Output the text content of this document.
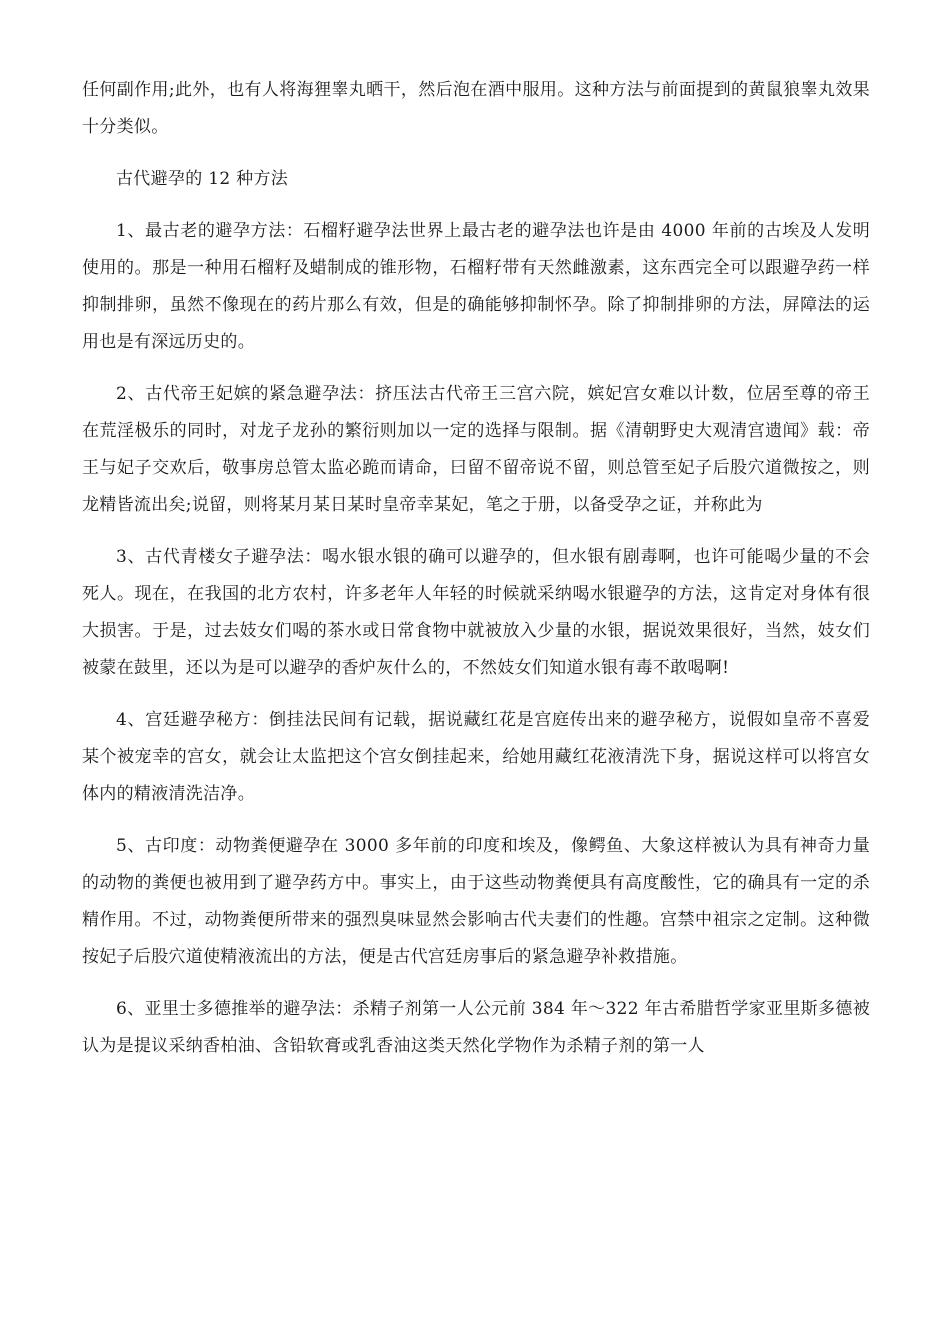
任何副作用;此外，也有人将海狸睾丸晒干，然后泡在酒中服用。这种方法与前面提到的黄鼠狼睾丸效果十分类似。

古代避孕的 12 种方法

1、最古老的避孕方法：石榴籽避孕法世界上最古老的避孕法也许是由 4000 年前的古埃及人发明使用的。那是一种用石榴籽及蜡制成的锥形物，石榴籽带有天然雌激素，这东西完全可以跟避孕药一样抑制排卵，虽然不像现在的药片那么有效，但是的确能够抑制怀孕。除了抑制排卵的方法，屏障法的运用也是有深远历史的。

2、古代帝王妃嫔的紧急避孕法：挤压法古代帝王三宫六院，嫔妃宫女难以计数，位居至尊的帝王在荒淫极乐的同时，对龙子龙孙的繁衍则加以一定的选择与限制。据《清朝野史大观清宫遗闻》载：帝王与妃子交欢后，敬事房总管太监必跪而请命，曰留不留帝说不留，则总管至妃子后股穴道微按之，则龙精皆流出矣;说留，则将某月某日某时皇帝幸某妃，笔之于册，以备受孕之证，并称此为

3、古代青楼女子避孕法：喝水银水银的确可以避孕的，但水银有剧毒啊，也许可能喝少量的不会死人。现在，在我国的北方农村，许多老年人年轻的时候就采纳喝水银避孕的方法，这肯定对身体有很大损害。于是，过去妓女们喝的茶水或日常食物中就被放入少量的水银，据说效果很好，当然，妓女们被蒙在鼓里，还以为是可以避孕的香炉灰什么的，不然妓女们知道水银有毒不敢喝啊!

4、宫廷避孕秘方：倒挂法民间有记载，据说藏红花是宫庭传出来的避孕秘方，说假如皇帝不喜爱某个被宠幸的宫女，就会让太监把这个宫女倒挂起来，给她用藏红花液清洗下身，据说这样可以将宫女体内的精液清洗洁净。

5、古印度：动物粪便避孕在 3000 多年前的印度和埃及，像鳄鱼、大象这样被认为具有神奇力量的动物的粪便也被用到了避孕药方中。事实上，由于这些动物粪便具有高度酸性，它的确具有一定的杀精作用。不过，动物粪便所带来的强烈臭味显然会影响古代夫妻们的性趣。宫禁中祖宗之定制。这种微按妃子后股穴道使精液流出的方法，便是古代宫廷房事后的紧急避孕补救措施。

6、亚里士多德推举的避孕法：杀精子剂第一人公元前 384 年～322 年古希腊哲学家亚里斯多德被认为是提议采纳香柏油、含铅软膏或乳香油这类天然化学物作为杀精子剂的第一人
